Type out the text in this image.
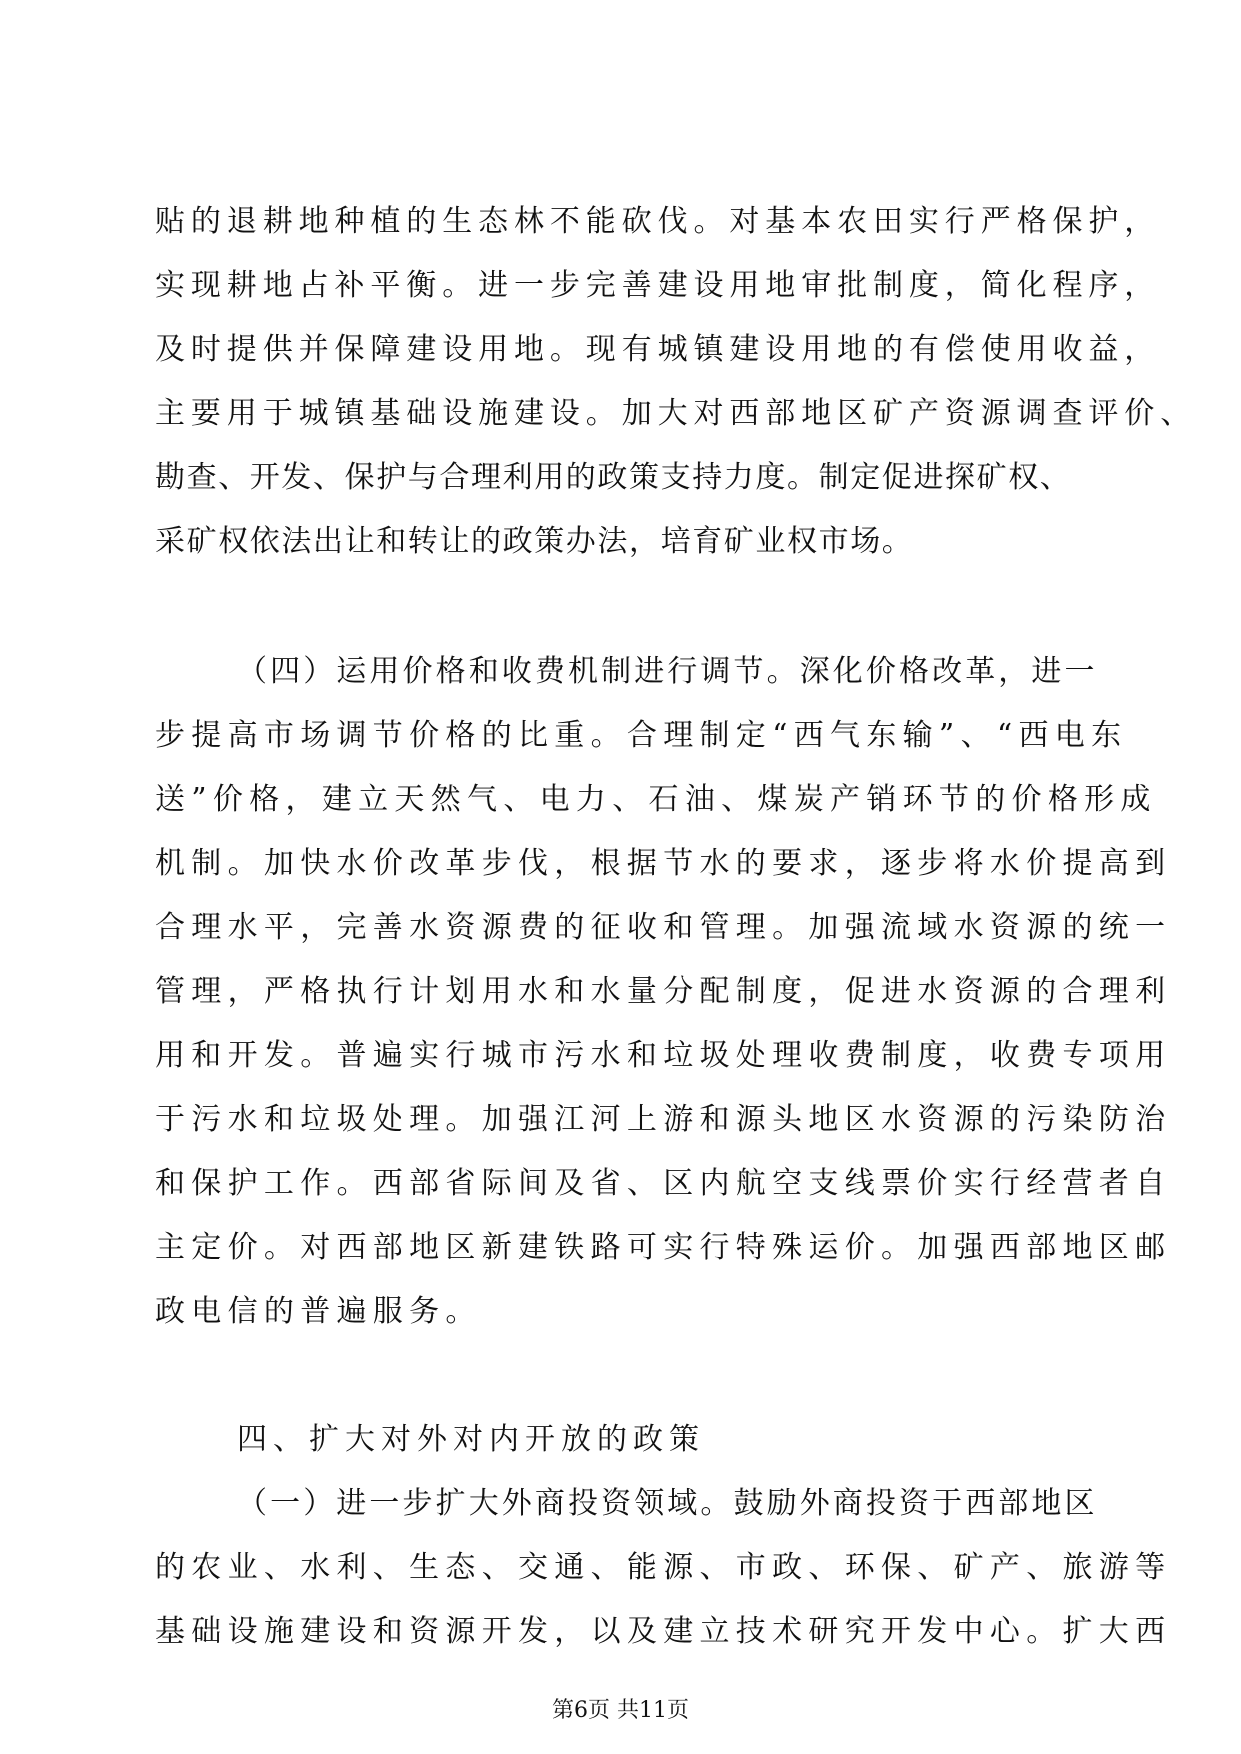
贴的退耕地种植的生态林不能砍伐。对基本农田实行严格保护，
实现耕地占补平衡。进一步完善建设用地审批制度，简化程序，
及时提供并保障建设用地。现有城镇建设用地的有偿使用收益，
主要用于城镇基础设施建设。加大对西部地区矿产资源调查评价、
勘查、开发、保护与合理利用的政策支持力度。制定促进探矿权、
采矿权依法出让和转让的政策办法，培育矿业权市场。
（四）运用价格和收费机制进行调节。深化价格改革，进一
步提高市场调节价格的比重。合理制定“西气东输”、“西电东
送”价格，建立天然气、电力、石油、煤炭产销环节的价格形成
机制。加快水价改革步伐，根据节水的要求，逐步将水价提高到
合理水平，完善水资源费的征收和管理。加强流域水资源的统一
管理，严格执行计划用水和水量分配制度，促进水资源的合理利
用和开发。普遍实行城市污水和垃圾处理收费制度，收费专项用
于污水和垃圾处理。加强江河上游和源头地区水资源的污染防治
和保护工作。西部省际间及省、区内航空支线票价实行经营者自
主定价。对西部地区新建铁路可实行特殊运价。加强西部地区邮
政电信的普遍服务。
四、扩大对外对内开放的政策
（一）进一步扩大外商投资领域。鼓励外商投资于西部地区
的农业、水利、生态、交通、能源、市政、环保、矿产、旅游等
基础设施建设和资源开发，以及建立技术研究开发中心。扩大西
第6页 共11页
